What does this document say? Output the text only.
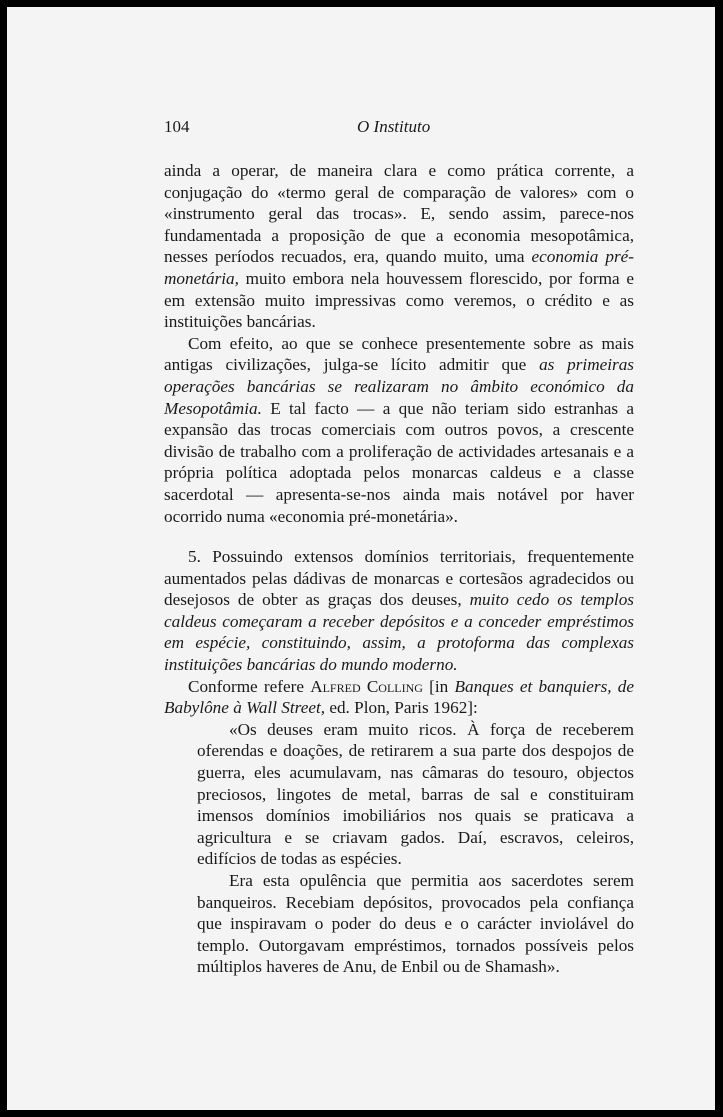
104	O Instituto

ainda a operar, de maneira clara e como prática corrente, a conjugação do «termo geral de comparação de valores» com o «instrumento geral das trocas». E, sendo assim, parece-nos fundamentada a proposição de que a economia mesopotâmica, nesses períodos recuados, era, quando muito, uma economia pré-monetária, muito embora nela houvessem florescido, por forma e em extensão muito impressivas como veremos, o crédito e as instituições bancárias.

Com efeito, ao que se conhece presentemente sobre as mais antigas civilizações, julga-se lícito admitir que as primeiras operações bancárias se realizaram no âmbito económico da Mesopotâmia. E tal facto — a que não teriam sido estranhas a expansão das trocas comerciais com outros povos, a crescente divisão de trabalho com a proliferação de actividades artesanais e a própria política adoptada pelos monarcas caldeus e a classe sacerdotal — apresenta-se-nos ainda mais notável por haver ocorrido numa «economia pré-monetária».

5. Possuindo extensos domínios territoriais, frequentemente aumentados pelas dádivas de monarcas e cortesãos agradecidos ou desejosos de obter as graças dos deuses, muito cedo os templos caldeus começaram a receber depósitos e a conceder empréstimos em espécie, constituindo, assim, a protoforma das complexas instituições bancárias do mundo moderno.

Conforme refere Alfred Colling [in Banques et banquiers, de Babylône à Wall Street, ed. Plon, Paris 1962]:

«Os deuses eram muito ricos. À força de receberem oferendas e doações, de retirarem a sua parte dos despojos de guerra, eles acumulavam, nas câmaras do tesouro, objectos preciosos, lingotes de metal, barras de sal e constituiram imensos domínios imobiliários nos quais se praticava a agricultura e se criavam gados. Daí, escravos, celeiros, edifícios de todas as espécies.

Era esta opulência que permitia aos sacerdotes serem banqueiros. Recebiam depósitos, provocados pela confiança que inspiravam o poder do deus e o carácter inviolável do templo. Outorgavam empréstimos, tornados possíveis pelos múltiplos haveres de Anu, de Enbil ou de Shamash».
